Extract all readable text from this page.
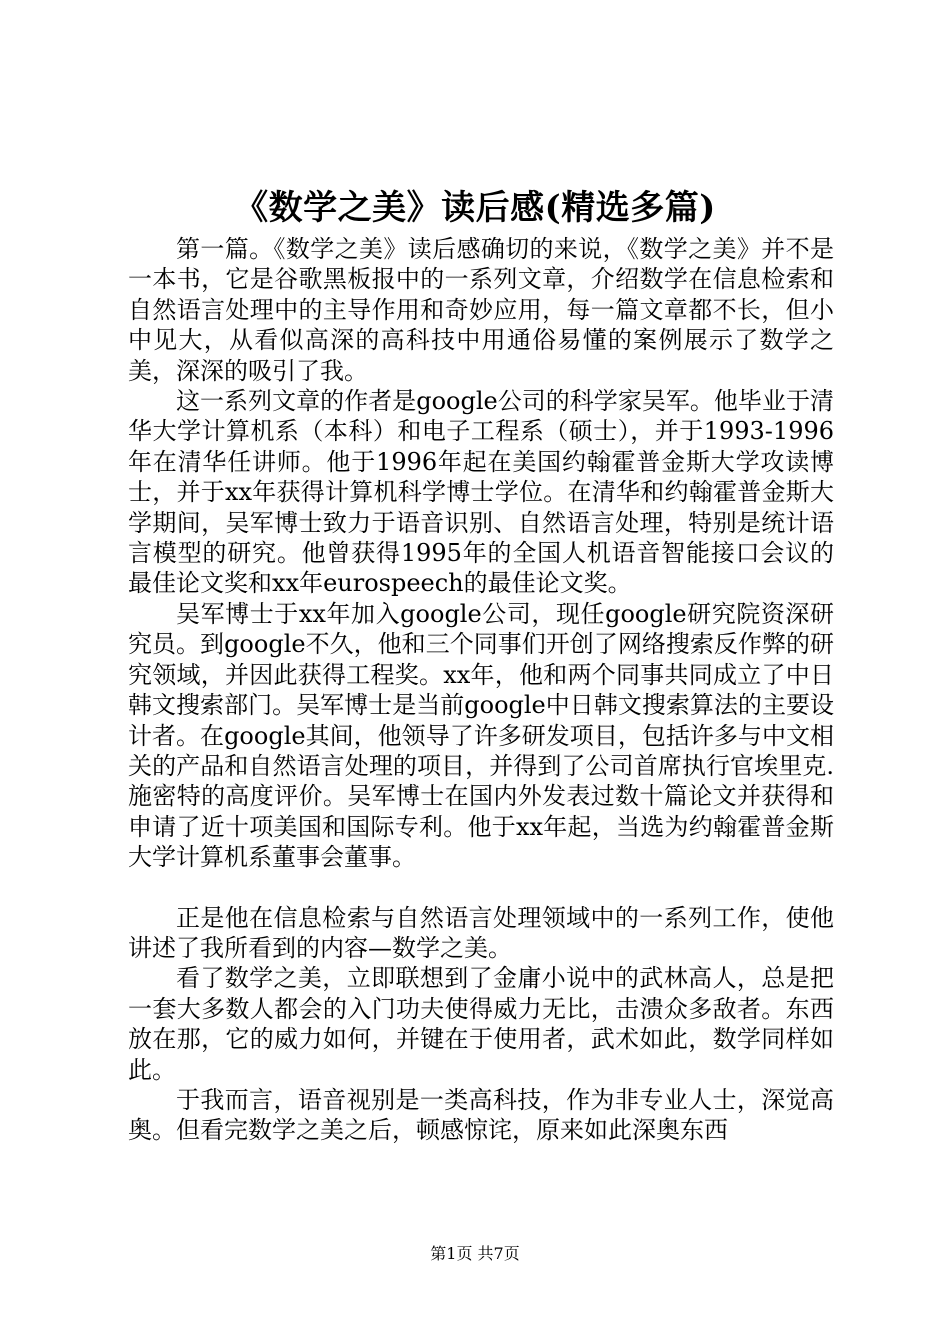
《数学之美》读后感(精选多篇)

第一篇。《数学之美》读后感确切的来说，《数学之美》并不是一本书，它是谷歌黑板报中的一系列文章，介绍数学在信息检索和自然语言处理中的主导作用和奇妙应用，每一篇文章都不长，但小中见大，从看似高深的高科技中用通俗易懂的案例展示了数学之美，深深的吸引了我。

这一系列文章的作者是google公司的科学家吴军。他毕业于清华大学计算机系（本科）和电子工程系（硕士），并于1993-1996年在清华任讲师。他于1996年起在美国约翰霍普金斯大学攻读博士，并于xx年获得计算机科学博士学位。在清华和约翰霍普金斯大学期间，吴军博士致力于语音识别、自然语言处理，特别是统计语言模型的研究。他曾获得1995年的全国人机语音智能接口会议的最佳论文奖和xx年eurospeech的最佳论文奖。

吴军博士于xx年加入google公司，现任google研究院资深研究员。到google不久，他和三个同事们开创了网络搜索反作弊的研究领域，并因此获得工程奖。xx年，他和两个同事共同成立了中日韩文搜索部门。吴军博士是当前google中日韩文搜索算法的主要设计者。在google其间，他领导了许多研发项目，包括许多与中文相关的产品和自然语言处理的项目，并得到了公司首席执行官埃里克.施密特的高度评价。吴军博士在国内外发表过数十篇论文并获得和申请了近十项美国和国际专利。他于xx年起，当选为约翰霍普金斯大学计算机系董事会董事。

正是他在信息检索与自然语言处理领域中的一系列工作，使他讲述了我所看到的内容—数学之美。

看了数学之美，立即联想到了金庸小说中的武林高人，总是把一套大多数人都会的入门功夫使得威力无比，击溃众多敌者。东西放在那，它的威力如何，并键在于使用者，武术如此，数学同样如此。

于我而言，语音视别是一类高科技，作为非专业人士，深觉高奥。但看完数学之美之后，顿感惊诧，原来如此深奥东西

第1页 共7页
